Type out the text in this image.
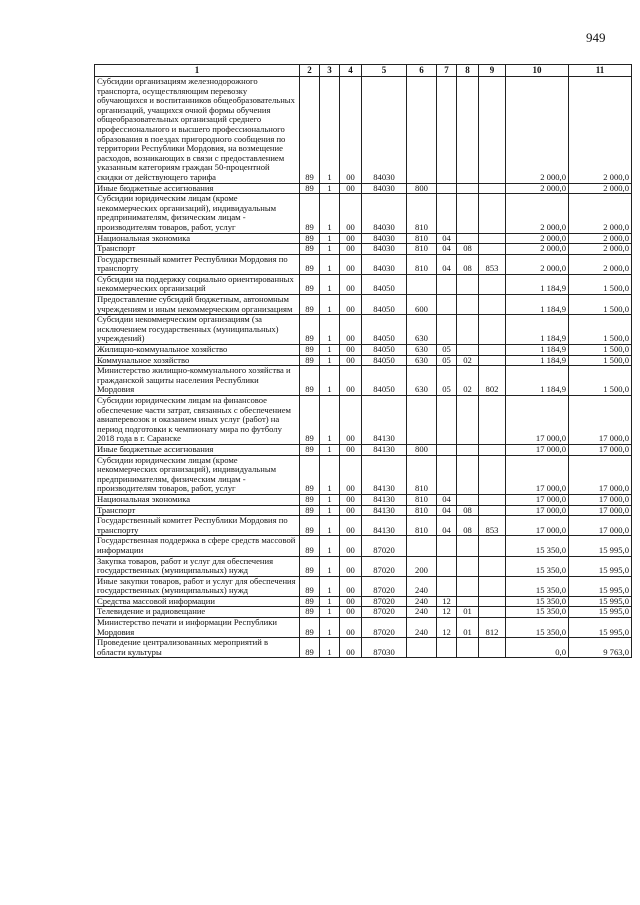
949
1	2	3	4	5	6	7	8	9	10	11
Субсидии организациям железнодорожного транспорта, осуществляющим перевозку обучающихся и воспитанников общеобразовательных организаций, учащихся очной формы обучения общеобразовательных организаций среднего профессионального и высшего профессионального образования в поездах пригородного сообщения по территории Республики Мордовия, на возмещение расходов, возникающих в связи с предоставлением указанным категориям граждан 50-процентной скидки от действующего тарифа	89	1	00	84030					2 000,0	2 000,0
Иные бюджетные ассигнования	89	1	00	84030	800				2 000,0	2 000,0
Субсидии юридическим лицам (кроме некоммерческих организаций), индивидуальным предпринимателям, физическим лицам - производителям товаров, работ, услуг	89	1	00	84030	810				2 000,0	2 000,0
Национальная экономика	89	1	00	84030	810	04			2 000,0	2 000,0
Транспорт	89	1	00	84030	810	04	08		2 000,0	2 000,0
Государственный комитет Республики Мордовия по транспорту	89	1	00	84030	810	04	08	853	2 000,0	2 000,0
Субсидии на поддержку социально ориентированных некоммерческих организаций	89	1	00	84050					1 184,9	1 500,0
Предоставление субсидий бюджетным, автономным учреждениям и иным некоммерческим организациям	89	1	00	84050	600				1 184,9	1 500,0
Субсидии некоммерческим организациям (за исключением государственных (муниципальных) учреждений)	89	1	00	84050	630				1 184,9	1 500,0
Жилищно-коммунальное хозяйство	89	1	00	84050	630	05			1 184,9	1 500,0
Коммунальное хозяйство	89	1	00	84050	630	05	02		1 184,9	1 500,0
Министерство жилищно-коммунального хозяйства и гражданской защиты населения Республики Мордовия	89	1	00	84050	630	05	02	802	1 184,9	1 500,0
Субсидии юридическим лицам на финансовое обеспечение части затрат, связанных с обеспечением авиаперевозок и оказанием иных услуг (работ) на период подготовки к чемпионату мира по футболу 2018 года в г. Саранске	89	1	00	84130					17 000,0	17 000,0
Иные бюджетные ассигнования	89	1	00	84130	800				17 000,0	17 000,0
Субсидии юридическим лицам (кроме некоммерческих организаций), индивидуальным предпринимателям, физическим лицам - производителям товаров, работ, услуг	89	1	00	84130	810				17 000,0	17 000,0
Национальная экономика	89	1	00	84130	810	04			17 000,0	17 000,0
Транспорт	89	1	00	84130	810	04	08		17 000,0	17 000,0
Государственный комитет Республики Мордовия по транспорту	89	1	00	84130	810	04	08	853	17 000,0	17 000,0
Государственная поддержка в сфере средств массовой информации	89	1	00	87020					15 350,0	15 995,0
Закупка товаров, работ и услуг для обеспечения государственных (муниципальных) нужд	89	1	00	87020	200				15 350,0	15 995,0
Иные закупки товаров, работ и услуг для обеспечения государственных (муниципальных) нужд	89	1	00	87020	240				15 350,0	15 995,0
Средства массовой информации	89	1	00	87020	240	12			15 350,0	15 995,0
Телевидение и радиовещание	89	1	00	87020	240	12	01		15 350,0	15 995,0
Министерство печати и информации Республики Мордовия	89	1	00	87020	240	12	01	812	15 350,0	15 995,0
Проведение централизованных мероприятий в области культуры	89	1	00	87030					0,0	9 763,0
